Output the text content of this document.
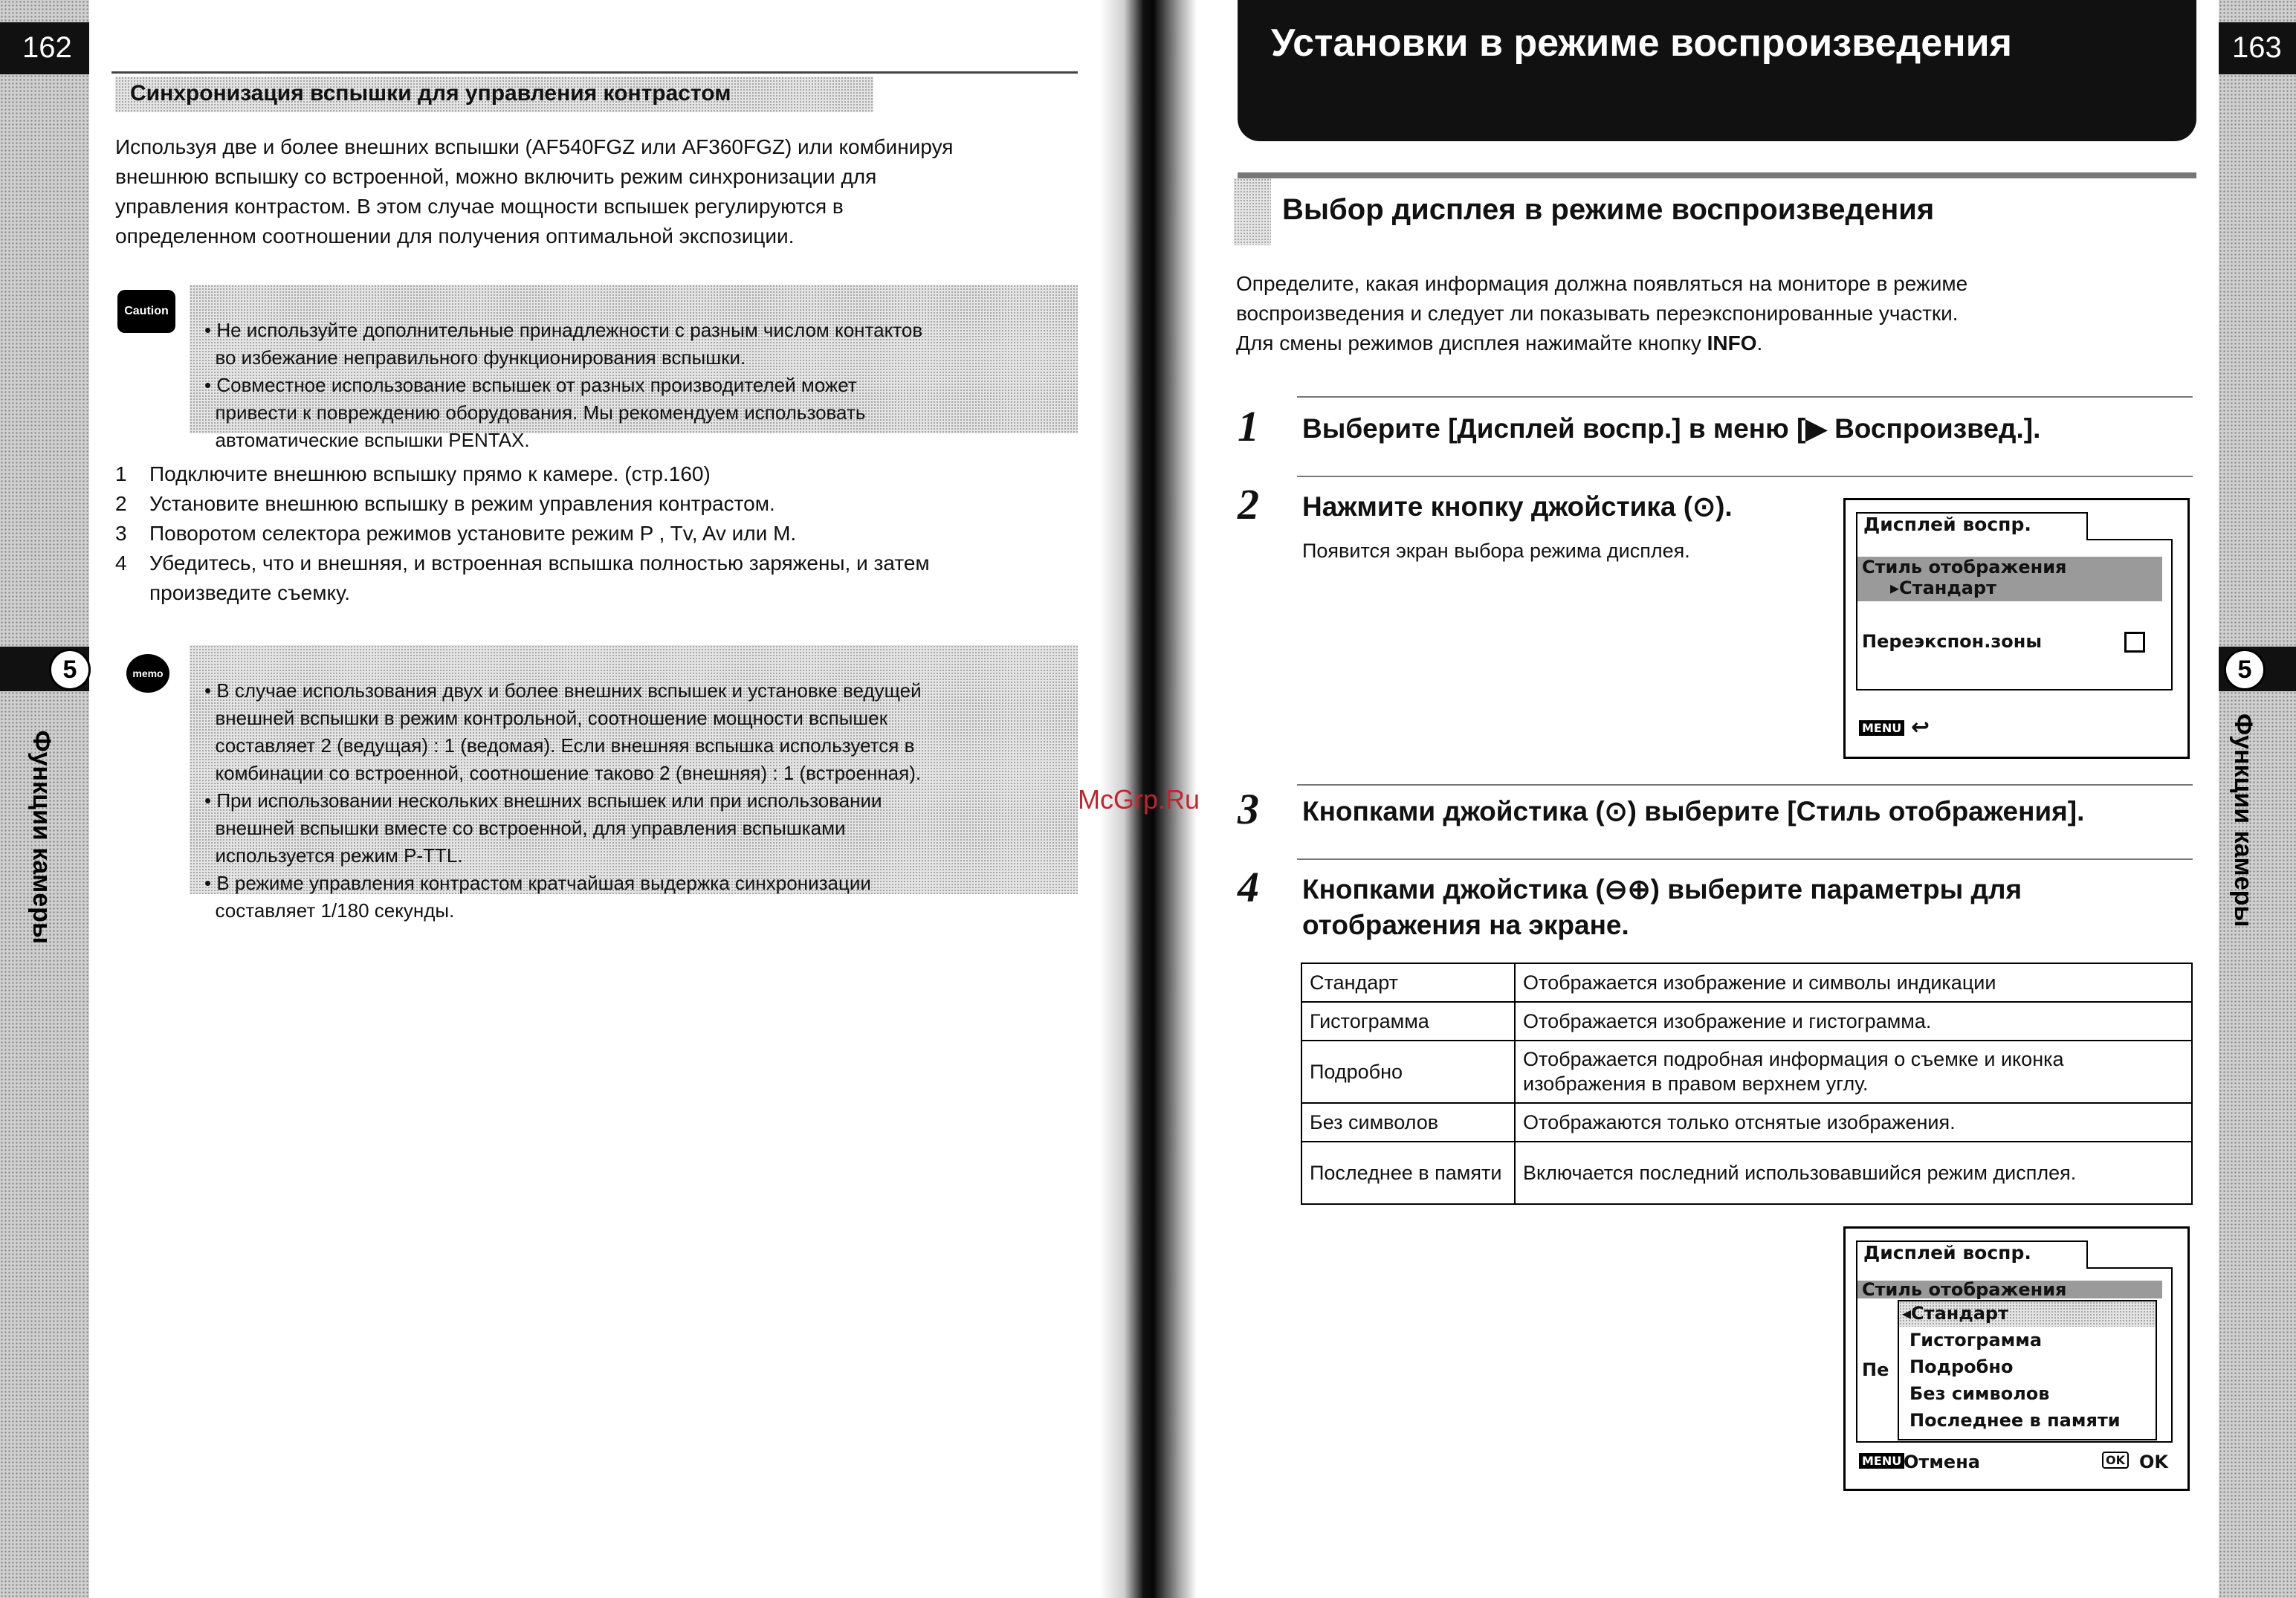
162
5
Функции камеры
Синхронизация вспышки для управления контрастом
Используя две и более внешних вспышки (AF540FGZ или AF360FGZ) или комбинируя
внешнюю вспышку со встроенной, можно включить режим синхронизации для
управления контрастом. В этом случае мощности вспышек регулируются в
определенном соотношении для получения оптимальной экспозиции.
Caution

• Не используйте дополнительные принадлежности с разным числом контактов
во избежание неправильного функционирования вспышки.
• Совместное использование вспышек от разных производителей может
привести к повреждению оборудования. Мы рекомендуем использовать
автоматические вспышки PENTAX.

1	Подключите внешнюю вспышку прямо к камере. (стр.160)
2	Установите внешнюю вспышку в режим управления контрастом.
3	Поворотом селектора режимов установите режим P , Tv, Av или M.
4	Убедитесь, что и внешняя, и встроенная вспышка полностью заряжены, и затем
произведите съемку.
memo

• В случае использования двух и более внешних вспышек и установке ведущей
внешней вспышки в режим контрольной, соотношение мощности вспышек
составляет 2 (ведущая) : 1 (ведомая). Если внешняя вспышка используется в
комбинации со встроенной, соотношение таково 2 (внешняя) : 1 (встроенная).
• При использовании нескольких внешних вспышек или при использовании
внешней вспышки вместе со встроенной, для управления вспышками
используется режим P-TTL.
• В режиме управления контрастом кратчайшая выдержка синхронизации
составляет 1/180 секунды.

McGrp.Ru
163
5
Функции камеры
Установки в режиме воспроизведения
Выбор дисплея в режиме воспроизведения
Определите, какая информация должна появляться на мониторе в режиме
воспроизведения и следует ли показывать переэкспонированные участки.
Для смены режимов дисплея нажимайте кнопку INFO.
1 Выберите [Дисплей воспр.] в меню [▶ Воспроизвед.].
2 Нажмите кнопку джойстика (⊙).
Появится экран выбора режима дисплея.
Дисплей воспр.
Стиль отображения
▸Стандарт
Переэкспон.зоны
MENU ↩
3 Кнопками джойстика (⊙) выберите [Стиль отображения].
4 Кнопками джойстика (⊖⊕) выберите параметры для
отображения на экране.
Стандарт	Отображается изображение и символы индикации
Гистограмма	Отображается изображение и гистограмма.
Подробно	Отображается подробная информация о съемке и иконка изображения в правом верхнем углу.
Без символов	Отображаются только отснятые изображения.
Последнее в памяти	Включается последний использовавшийся режим дисплея.
Дисплей воспр.
Стиль отображения
Пе
◂Стандарт
Гистограмма
Подробно
Без символов
Последнее в памяти
MENU Отмена	OK OK
